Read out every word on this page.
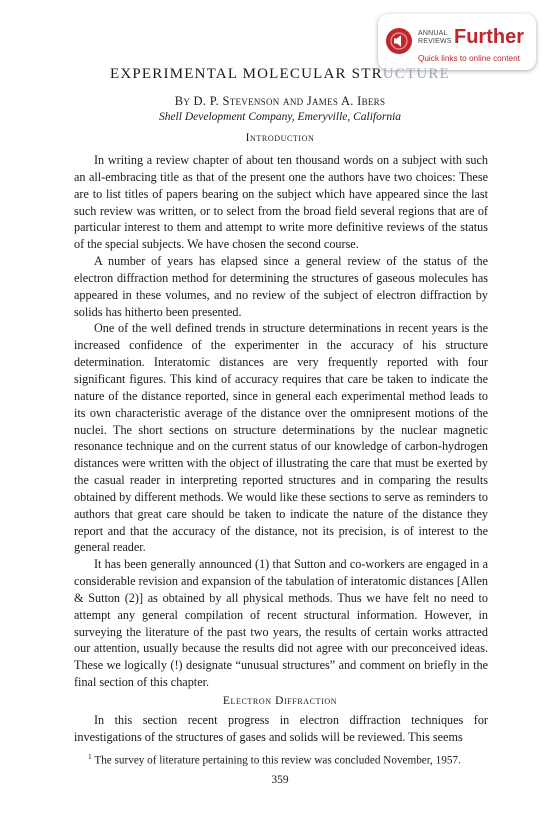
ANNUAL
REVIEWS Further
Quick links to online content
EXPERIMENTAL MOLECULAR STRUCTURE
By D. P. Stevenson and James A. Ibers
Shell Development Company, Emeryville, California
Introduction

In writing a review chapter of about ten thousand words on a subject with such an all-embracing title as that of the present one the authors have two choices: These are to list titles of papers bearing on the subject which have appeared since the last such review was written, or to select from the broad field several regions that are of particular interest to them and attempt to write more definitive reviews of the status of the special subjects. We have chosen the second course.

A number of years has elapsed since a general review of the status of the electron diffraction method for determining the structures of gaseous molecules has appeared in these volumes, and no review of the subject of electron diffraction by solids has hitherto been presented.

One of the well defined trends in structure determinations in recent years is the increased confidence of the experimenter in the accuracy of his structure determination. Interatomic distances are very frequently reported with four significant figures. This kind of accuracy requires that care be taken to indicate the nature of the distance reported, since in general each experimental method leads to its own characteristic average of the distance over the omnipresent motions of the nuclei. The short sections on structure determinations by the nuclear magnetic resonance technique and on the current status of our knowledge of carbon-hydrogen distances were written with the object of illustrating the care that must be exerted by the casual reader in interpreting reported structures and in comparing the results obtained by different methods. We would like these sections to serve as reminders to authors that great care should be taken to indicate the nature of the distance they report and that the accuracy of the distance, not its precision, is of interest to the general reader.

It has been generally announced (1) that Sutton and co-workers are engaged in a considerable revision and expansion of the tabulation of interatomic distances [Allen & Sutton (2)] as obtained by all physical methods. Thus we have felt no need to attempt any general compilation of recent structural information. However, in surveying the literature of the past two years, the results of certain works attracted our attention, usually because the results did not agree with our preconceived ideas. These we logically (!) designate “unusual structures” and comment on briefly in the final section of this chapter.

Electron Diffraction

In this section recent progress in electron diffraction techniques for investigations of the structures of gases and solids will be reviewed. This seems

$^1$ The survey of literature pertaining to this review was concluded November, 1957.
359
